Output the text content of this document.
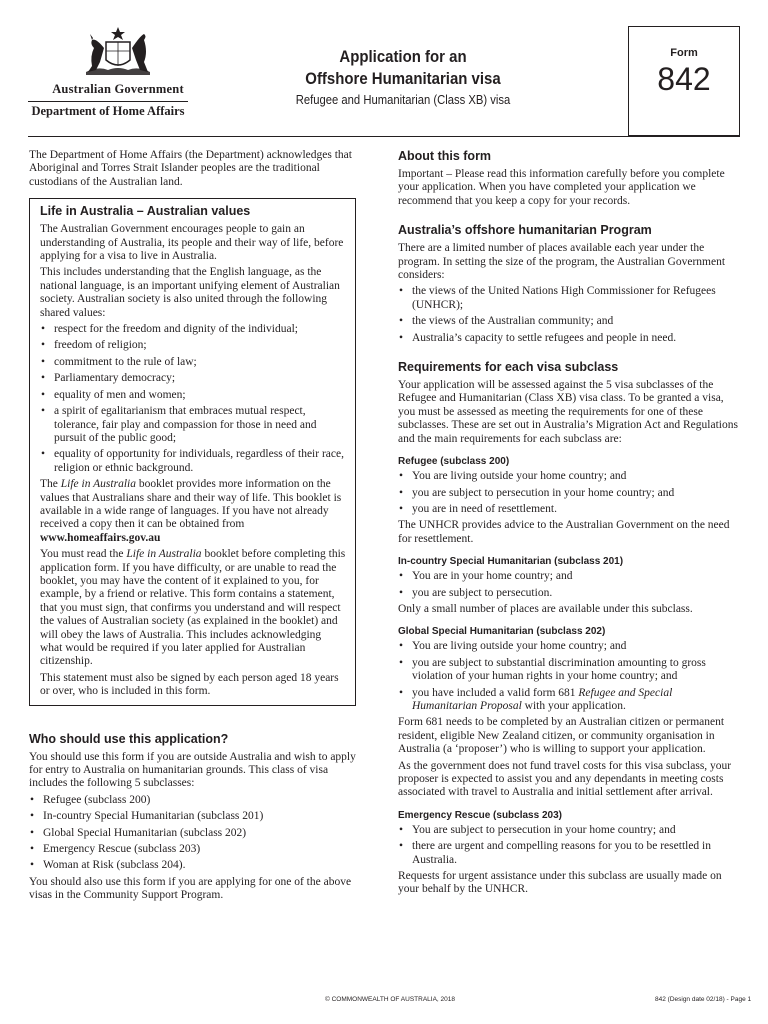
Australian Government
Department of Home Affairs
Application for an
Offshore Humanitarian visa
Refugee and Humanitarian (Class XB) visa
Form
842

The Department of Home Affairs (the Department) acknowledges that Aboriginal and Torres Strait Islander peoples are the traditional custodians of the Australian land.

Life in Australia – Australian values

The Australian Government encourages people to gain an understanding of Australia, its people and their way of life, before applying for a visa to live in Australia.

This includes understanding that the English language, as the national language, is an important unifying element of Australian society. Australian society is also united through the following shared values:

• respect for the freedom and dignity of the individual;
• freedom of religion;
• commitment to the rule of law;
• Parliamentary democracy;
• equality of men and women;
• a spirit of egalitarianism that embraces mutual respect, tolerance, fair play and compassion for those in need and pursuit of the public good;
• equality of opportunity for individuals, regardless of their race, religion or ethnic background.

The Life in Australia booklet provides more information on the values that Australians share and their way of life. This booklet is available in a wide range of languages. If you have not already received a copy then it can be obtained from
www.homeaffairs.gov.au

You must read the Life in Australia booklet before completing this application form. If you have difficulty, or are unable to read the booklet, you may have the content of it explained to you, for example, by a friend or relative. This form contains a statement, that you must sign, that confirms you understand and will respect the values of Australian society (as explained in the booklet) and will obey the laws of Australia. This includes acknowledging what would be required if you later applied for Australian citizenship.

This statement must also be signed by each person aged 18 years or over, who is included in this form.

Who should use this application?

You should use this form if you are outside Australia and wish to apply for entry to Australia on humanitarian grounds. This class of visa includes the following 5 subclasses:

• Refugee (subclass 200)
• In-country Special Humanitarian (subclass 201)
• Global Special Humanitarian (subclass 202)
• Emergency Rescue (subclass 203)
• Woman at Risk (subclass 204).

You should also use this form if you are applying for one of the above visas in the Community Support Program.

About this form

Important – Please read this information carefully before you complete your application. When you have completed your application we recommend that you keep a copy for your records.

Australia’s offshore humanitarian Program

There are a limited number of places available each year under the program. In setting the size of the program, the Australian Government considers:

• the views of the United Nations High Commissioner for Refugees (UNHCR);
• the views of the Australian community; and
• Australia’s capacity to settle refugees and people in need.
Requirements for each visa subclass

Your application will be assessed against the 5 visa subclasses of the Refugee and Humanitarian (Class XB) visa class. To be granted a visa, you must be assessed as meeting the requirements for one of these subclasses. These are set out in Australia’s Migration Act and Regulations and the main requirements for each subclass are:

Refugee (subclass 200)
• You are living outside your home country; and
• you are subject to persecution in your home country; and
• you are in need of resettlement.

The UNHCR provides advice to the Australian Government on the need for resettlement.

In-country Special Humanitarian (subclass 201)
• You are in your home country; and
• you are subject to persecution.

Only a small number of places are available under this subclass.

Global Special Humanitarian (subclass 202)
• You are living outside your home country; and
• you are subject to substantial discrimination amounting to gross violation of your human rights in your home country; and
• you have included a valid form 681 Refugee and Special Humanitarian Proposal with your application.

Form 681 needs to be completed by an Australian citizen or permanent resident, eligible New Zealand citizen, or community organisation in Australia (a ‘proposer’) who is willing to support your application.

As the government does not fund travel costs for this visa subclass, your proposer is expected to assist you and any dependants in meeting costs associated with travel to Australia and initial settlement after arrival.

Emergency Rescue (subclass 203)
• You are subject to persecution in your home country; and
• there are urgent and compelling reasons for you to be resettled in Australia.

Requests for urgent assistance under this subclass are usually made on your behalf by the UNHCR.

© COMMONWEALTH OF AUSTRALIA, 2018	842 (Design date 02/18) - Page 1
